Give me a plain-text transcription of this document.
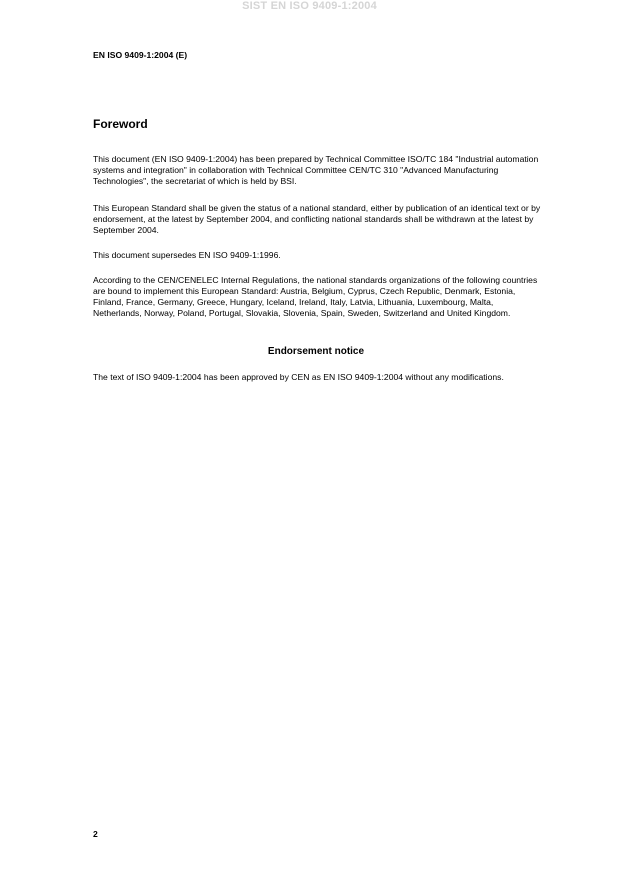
SIST EN ISO 9409-1:2004
EN ISO 9409-1:2004 (E)
Foreword

This document (EN ISO 9409-1:2004) has been prepared by Technical Committee ISO/TC 184 "Industrial automation systems and integration" in collaboration with Technical Committee CEN/TC 310 "Advanced Manufacturing Technologies", the secretariat of which is held by BSI.

This European Standard shall be given the status of a national standard, either by publication of an identical text or by endorsement, at the latest by September 2004, and conflicting national standards shall be withdrawn at the latest by September 2004.

This document supersedes EN ISO 9409-1:1996.

According to the CEN/CENELEC Internal Regulations, the national standards organizations of the following countries are bound to implement this European Standard: Austria, Belgium, Cyprus, Czech Republic, Denmark, Estonia, Finland, France, Germany, Greece, Hungary, Iceland, Ireland, Italy, Latvia, Lithuania, Luxembourg, Malta, Netherlands, Norway, Poland, Portugal, Slovakia, Slovenia, Spain, Sweden, Switzerland and United Kingdom.

Endorsement notice

The text of ISO 9409-1:2004 has been approved by CEN as EN ISO 9409-1:2004 without any modifications.

2
